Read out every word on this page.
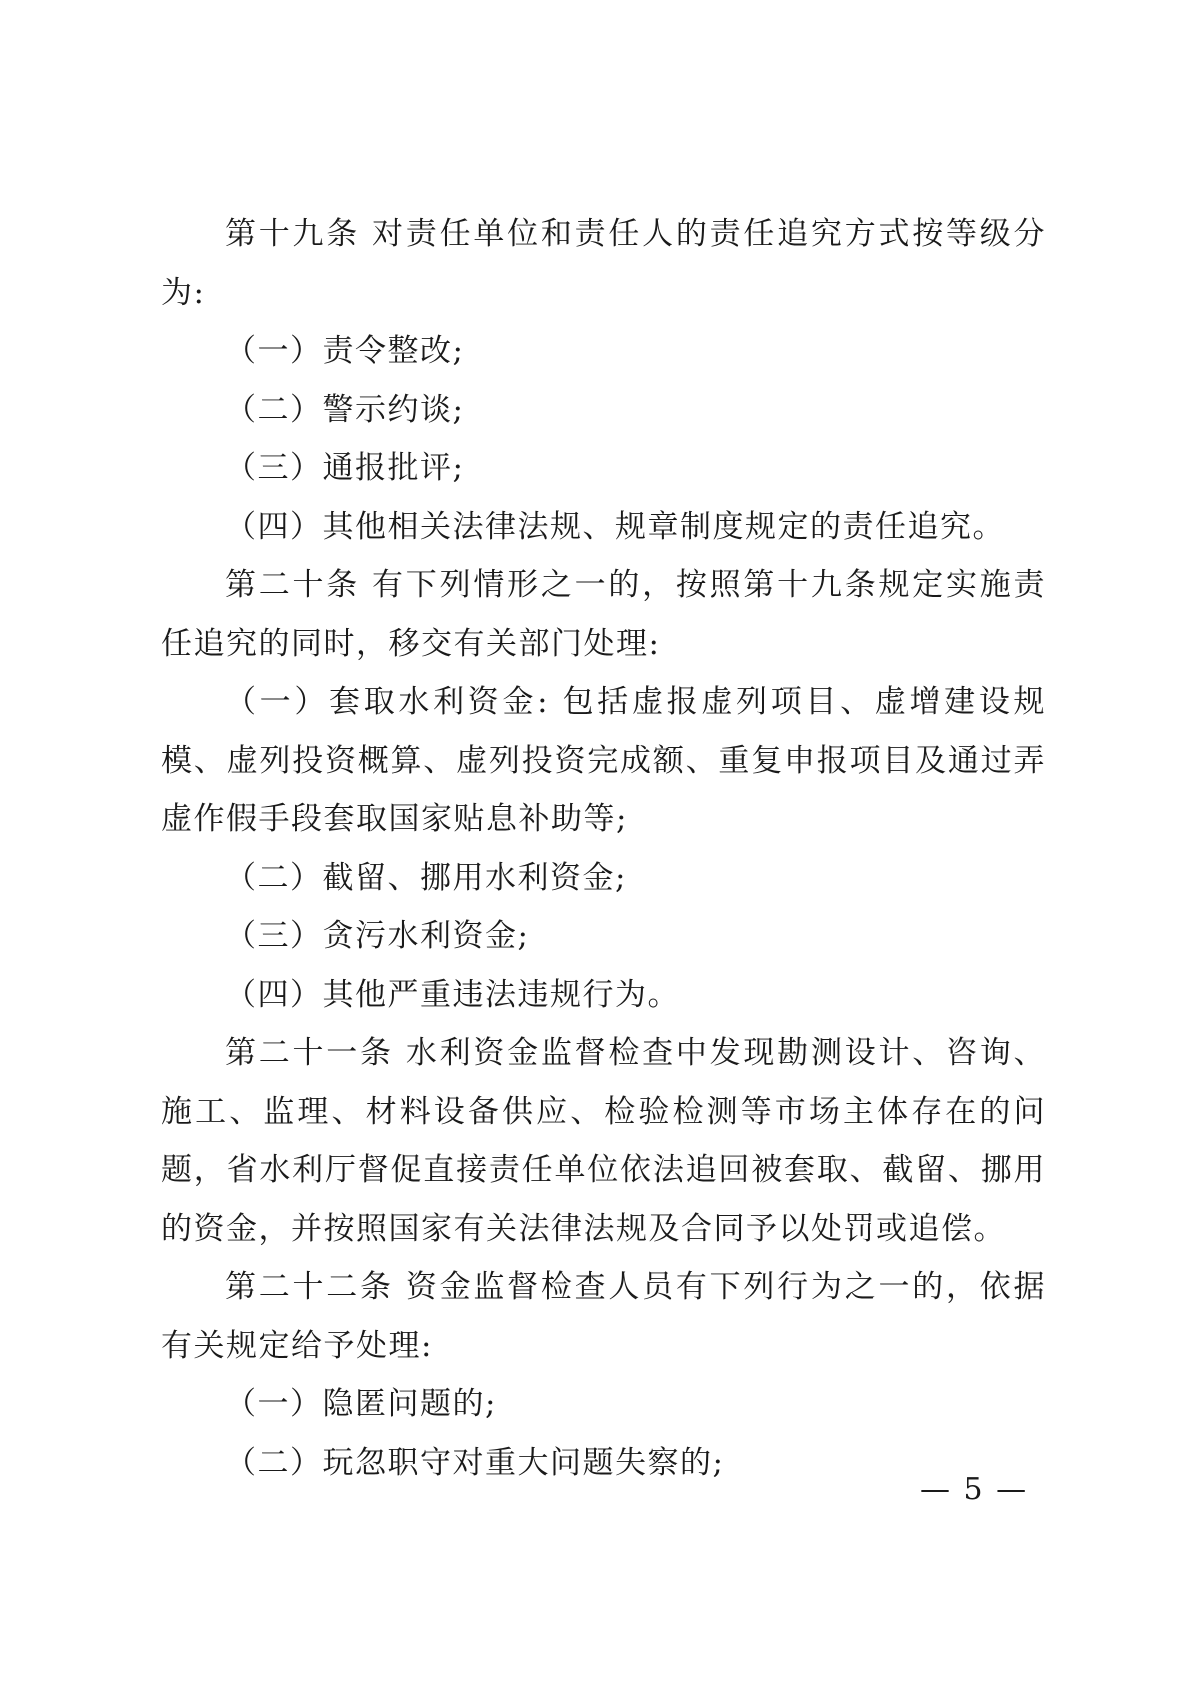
第十九条 对责任单位和责任人的责任追究方式按等级分为:

（一）责令整改;

（二）警示约谈;

（三）通报批评;

（四）其他相关法律法规、规章制度规定的责任追究。

第二十条 有下列情形之一的，按照第十九条规定实施责任追究的同时，移交有关部门处理:

（一）套取水利资金: 包括虚报虚列项目、虚增建设规模、虚列投资概算、虚列投资完成额、重复申报项目及通过弄虚作假手段套取国家贴息补助等;

（二）截留、挪用水利资金;

（三）贪污水利资金;

（四）其他严重违法违规行为。

第二十一条 水利资金监督检查中发现勘测设计、咨询、施工、监理、材料设备供应、检验检测等市场主体存在的问题，省水利厅督促直接责任单位依法追回被套取、截留、挪用的资金，并按照国家有关法律法规及合同予以处罚或追偿。

第二十二条 资金监督检查人员有下列行为之一的，依据有关规定给予处理:

（一）隐匿问题的;

（二）玩忽职守对重大问题失察的;

— 5 —
